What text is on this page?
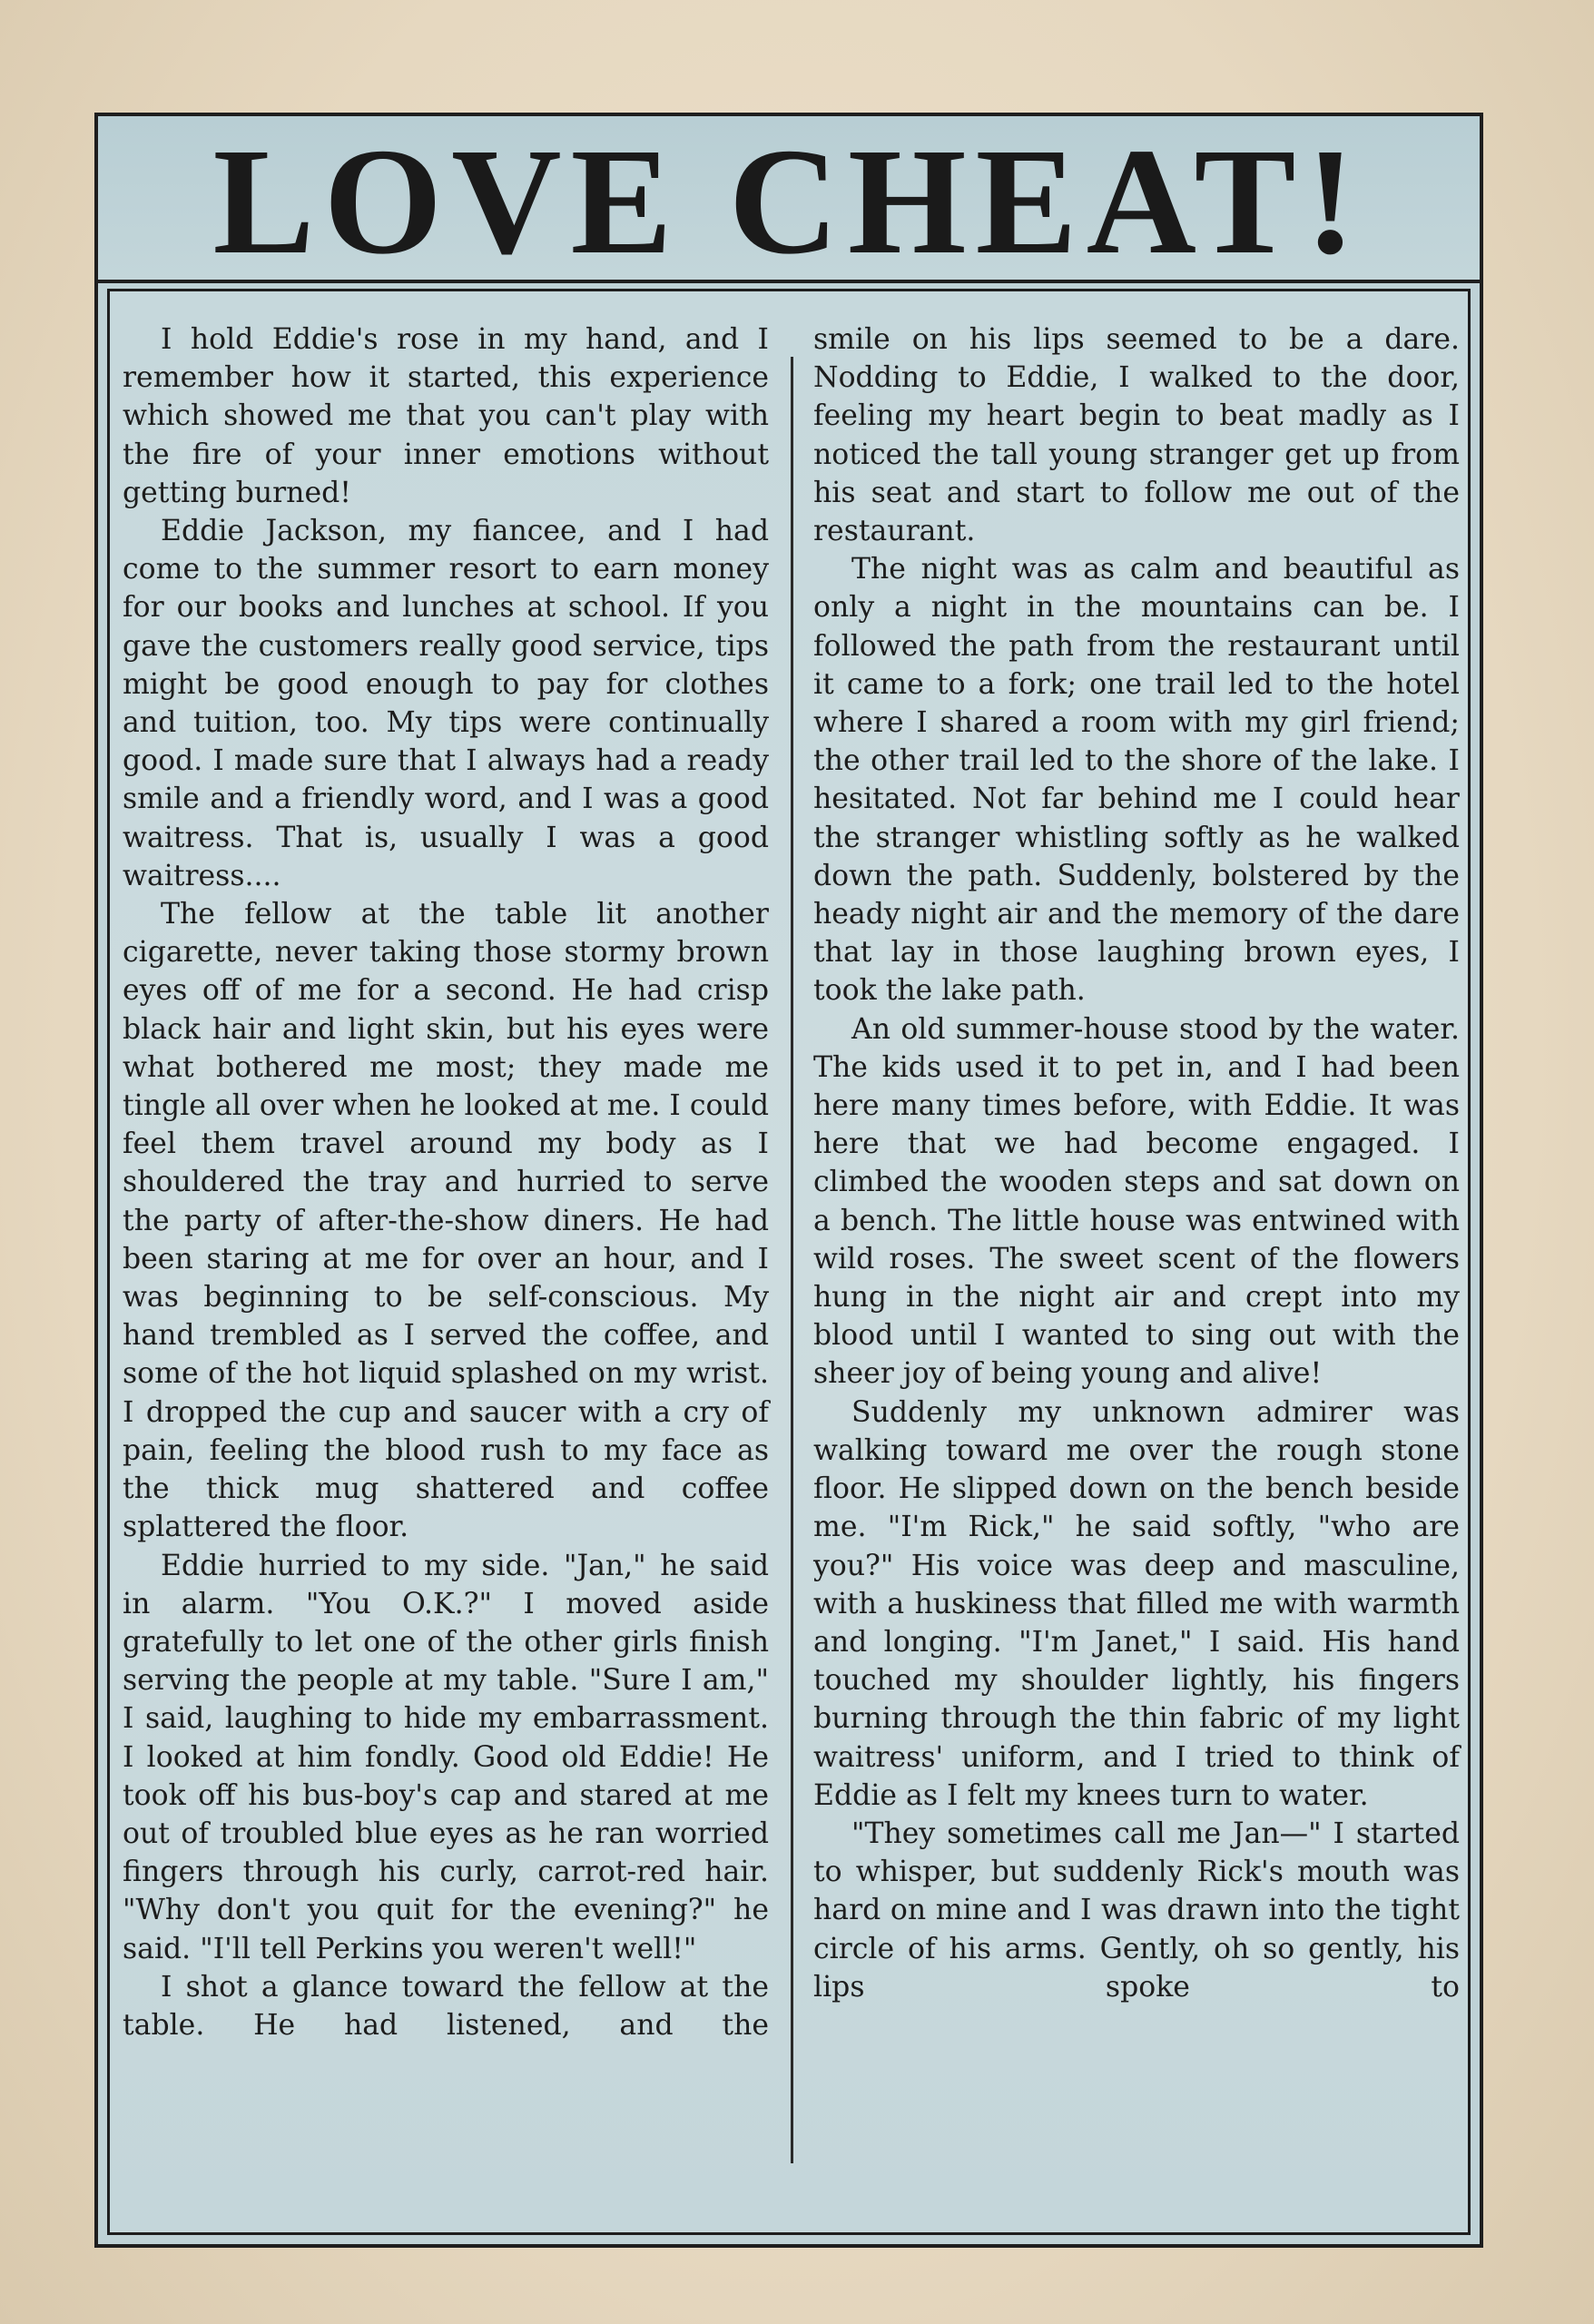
LOVE CHEAT!

I hold Eddie's rose in my hand, and I remember how it started, this experience which showed me that you can't play with the fire of your inner emotions without getting burned!

Eddie Jackson, my fiancee, and I had come to the summer resort to earn money for our books and lunches at school. If you gave the customers really good service, tips might be good enough to pay for clothes and tuition, too. My tips were continually good. I made sure that I always had a ready smile and a friendly word, and I was a good waitress. That is, usually I was a good waitress....

The fellow at the table lit another cigarette, never taking those stormy brown eyes off of me for a second. He had crisp black hair and light skin, but his eyes were what bothered me most; they made me tingle all over when he looked at me. I could feel them travel around my body as I shouldered the tray and hurried to serve the party of after-the-show diners. He had been staring at me for over an hour, and I was beginning to be self-conscious. My hand trembled as I served the coffee, and some of the hot liquid splashed on my wrist. I dropped the cup and saucer with a cry of pain, feeling the blood rush to my face as the thick mug shattered and coffee splattered the floor.

Eddie hurried to my side. "Jan," he said in alarm. "You O.K.?" I moved aside gratefully to let one of the other girls finish serving the people at my table. "Sure I am," I said, laughing to hide my embarrassment. I looked at him fondly. Good old Eddie! He took off his bus-boy's cap and stared at me out of troubled blue eyes as he ran worried fingers through his curly, carrot-red hair. "Why don't you quit for the evening?" he said. "I'll tell Perkins you weren't well!"

I shot a glance toward the fellow at the table. He had listened, and the

smile on his lips seemed to be a dare. Nodding to Eddie, I walked to the door, feeling my heart begin to beat madly as I noticed the tall young stranger get up from his seat and start to follow me out of the restaurant.

The night was as calm and beautiful as only a night in the mountains can be. I followed the path from the restaurant until it came to a fork; one trail led to the hotel where I shared a room with my girl friend; the other trail led to the shore of the lake. I hesitated. Not far behind me I could hear the stranger whistling softly as he walked down the path. Suddenly, bolstered by the heady night air and the memory of the dare that lay in those laughing brown eyes, I took the lake path.

An old summer-house stood by the water. The kids used it to pet in, and I had been here many times before, with Eddie. It was here that we had become engaged. I climbed the wooden steps and sat down on a bench. The little house was entwined with wild roses. The sweet scent of the flowers hung in the night air and crept into my blood until I wanted to sing out with the sheer joy of being young and alive!

Suddenly my unknown admirer was walking toward me over the rough stone floor. He slipped down on the bench beside me. "I'm Rick," he said softly, "who are you?" His voice was deep and masculine, with a huskiness that filled me with warmth and longing. "I'm Janet," I said. His hand touched my shoulder lightly, his fingers burning through the thin fabric of my light waitress' uniform, and I tried to think of Eddie as I felt my knees turn to water.

"They sometimes call me Jan—" I started to whisper, but suddenly Rick's mouth was hard on mine and I was drawn into the tight circle of his arms. Gently, oh so gently, his lips spoke to
